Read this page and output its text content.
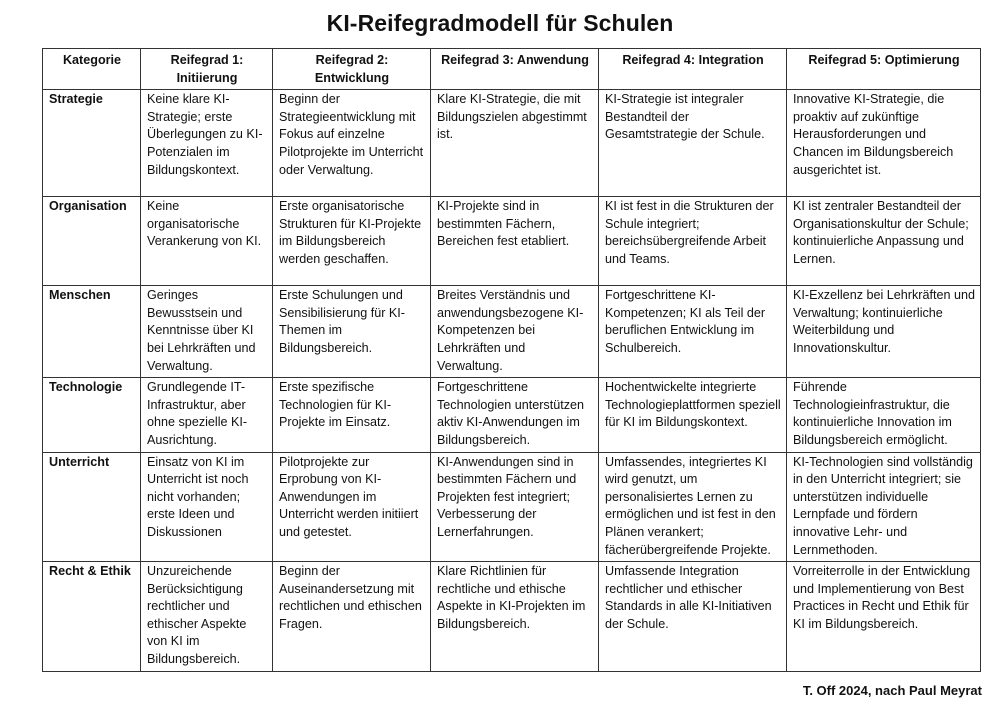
KI-Reifegradmodell für Schulen
Kategorie	Reifegrad 1: Initiierung	Reifegrad 2: Entwicklung	Reifegrad 3: Anwendung	Reifegrad 4: Integration	Reifegrad 5: Optimierung
Strategie	Keine klare KI-Strategie; erste Überlegungen zu KI-Potenzialen im Bildungskontext.	Beginn der Strategieentwicklung mit Fokus auf einzelne Pilotprojekte im Unterricht oder Verwaltung.	Klare KI-Strategie, die mit Bildungszielen abgestimmt ist.	KI-Strategie ist integraler Bestandteil der Gesamtstrategie der Schule.	Innovative KI-Strategie, die proaktiv auf zukünftige Herausforderungen und Chancen im Bildungsbereich ausgerichtet ist.
Organisation	Keine organisatorische Verankerung von KI.	Erste organisatorische Strukturen für KI-Projekte im Bildungsbereich werden geschaffen.	KI-Projekte sind in bestimmten Fächern, Bereichen fest etabliert.	KI ist fest in die Strukturen der Schule integriert; bereichsübergreifende Arbeit und Teams.	KI ist zentraler Bestandteil der Organisationskultur der Schule; kontinuierliche Anpassung und Lernen.
Menschen	Geringes Bewusstsein und Kenntnisse über KI bei Lehrkräften und Verwaltung.	Erste Schulungen und Sensibilisierung für KI-Themen im Bildungsbereich.	Breites Verständnis und anwendungsbezogene KI-Kompetenzen bei Lehrkräften und Verwaltung.	Fortgeschrittene KI-Kompetenzen; KI als Teil der beruflichen Entwicklung im Schulbereich.	KI-Exzellenz bei Lehrkräften und Verwaltung; kontinuierliche Weiterbildung und Innovationskultur.
Technologie	Grundlegende IT-Infrastruktur, aber ohne spezielle KI-Ausrichtung.	Erste spezifische Technologien für KI-Projekte im Einsatz.	Fortgeschrittene Technologien unterstützen aktiv KI-Anwendungen im Bildungsbereich.	Hochentwickelte integrierte Technologieplattformen speziell für KI im Bildungskontext.	Führende Technologieinfrastruktur, die kontinuierliche Innovation im Bildungsbereich ermöglicht.
Unterricht	Einsatz von KI im Unterricht ist noch nicht vorhanden; erste Ideen und Diskussionen	Pilotprojekte zur Erprobung von KI-Anwendungen im Unterricht werden initiiert und getestet.	KI-Anwendungen sind in bestimmten Fächern und Projekten fest integriert; Verbesserung der Lernerfahrungen.	Umfassendes, integriertes KI wird genutzt, um personalisiertes Lernen zu ermöglichen und ist fest in den Plänen verankert; fächerübergreifende Projekte.	KI-Technologien sind vollständig in den Unterricht integriert; sie unterstützen individuelle Lernpfade und fördern innovative Lehr- und Lernmethoden.
Recht & Ethik	Unzureichende Berücksichtigung rechtlicher und ethischer Aspekte von KI im Bildungsbereich.	Beginn der Auseinandersetzung mit rechtlichen und ethischen Fragen.	Klare Richtlinien für rechtliche und ethische Aspekte in KI-Projekten im Bildungsbereich.	Umfassende Integration rechtlicher und ethischer Standards in alle KI-Initiativen der Schule.	Vorreiterrolle in der Entwicklung und Implementierung von Best Practices in Recht und Ethik für KI im Bildungsbereich.
T. Off 2024, nach Paul Meyrat
